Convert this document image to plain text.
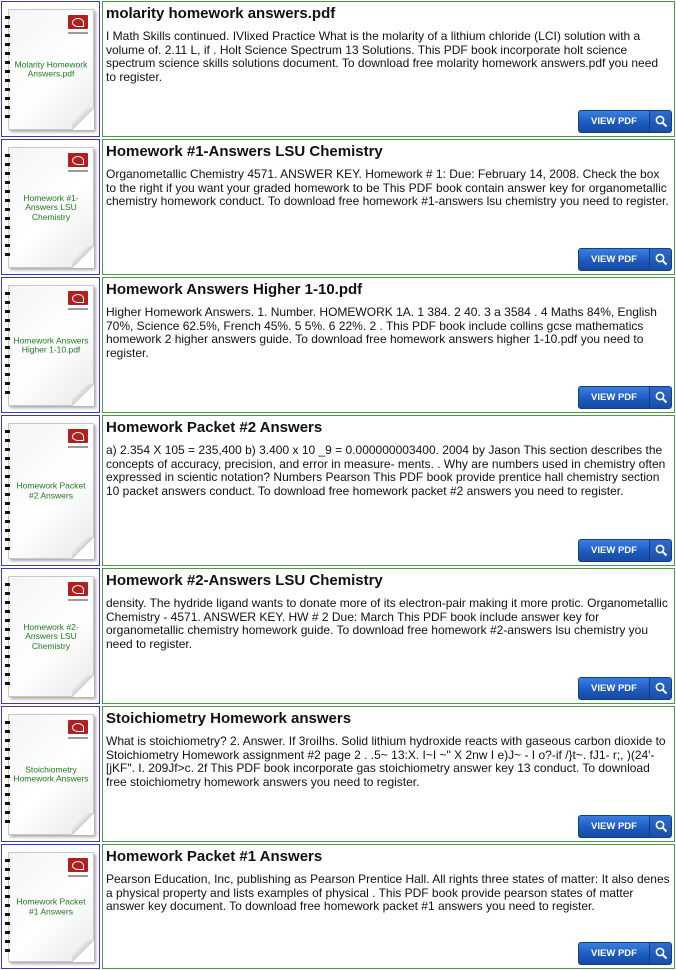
Molarity Homework Answers.pdf
molarity homework answers.pdf
I Math Skills continued. IVlixed Practice What is the molarity of a lithium chloride (LCI) solution with a volume of. 2.11 L, if . Holt Science Spectrum 13 Solutions. This PDF book incorporate holt science spectrum science skills solutions document. To download free molarity homework answers.pdf you need to register.
VIEW PDF
Homework #1-Answers LSU Chemistry
Homework #1-Answers LSU Chemistry
Organometallic Chemistry 4571. ANSWER KEY. Homework # 1: Due: February 14, 2008. Check the box to the right if you want your graded homework to be This PDF book contain answer key for organometallic chemistry homework conduct. To download free homework #1-answers lsu chemistry you need to register.
VIEW PDF
Homework Answers Higher 1-10.pdf
Homework Answers Higher 1-10.pdf
Higher Homework Answers. 1. Number. HOMEWORK 1A. 1 384. 2 40. 3 a 3584 . 4 Maths 84%, English 70%, Science 62.5%, French 45%. 5 5%. 6 22%. 2 . This PDF book include collins gcse mathematics homework 2 higher answers guide. To download free homework answers higher 1-10.pdf you need to register.
VIEW PDF
Homework Packet #2 Answers
Homework Packet #2 Answers
a) 2.354 X 105 = 235,400 b) 3.400 x 10 _9 = 0.000000003400. 2004 by Jason This section describes the concepts of accuracy, precision, and error in measure- ments. . Why are numbers used in chemistry often expressed in scientic notation? Numbers Pearson This PDF book provide prentice hall chemistry section 10 packet answers conduct. To download free homework packet #2 answers you need to register.
VIEW PDF
Homework #2-Answers LSU Chemistry
Homework #2-Answers LSU Chemistry
density. The hydride ligand wants to donate more of its electron-pair making it more protic. Organometallic Chemistry - 4571. ANSWER KEY. HW # 2 Due: March This PDF book include answer key for organometallic chemistry homework guide. To download free homework #2-answers lsu chemistry you need to register.
VIEW PDF
Stoichiometry Homework Answers
Stoichiometry Homework answers
What is stoichiometry? 2. Answer. If 3roiIhs. Solid lithium hydroxide reacts with gaseous carbon dioxide to Stoichiometry Homework assignment #2 page 2 . .5~ 13:X. I~I ~" X 2nw I e)J~ - I o?-if /}t~. fJ1- r;, )(24'-[jKF". I. 209Jf>c. 2f This PDF book incorporate gas stoichiometry answer key 13 conduct. To download free stoichiometry homework answers you need to register.
VIEW PDF
Homework Packet #1 Answers
Homework Packet #1 Answers
Pearson Education, Inc, publishing as Pearson Prentice Hall. All rights three states of matter: It also denes a physical property and lists examples of physical . This PDF book provide pearson states of matter answer key document. To download free homework packet #1 answers you need to register.
VIEW PDF
